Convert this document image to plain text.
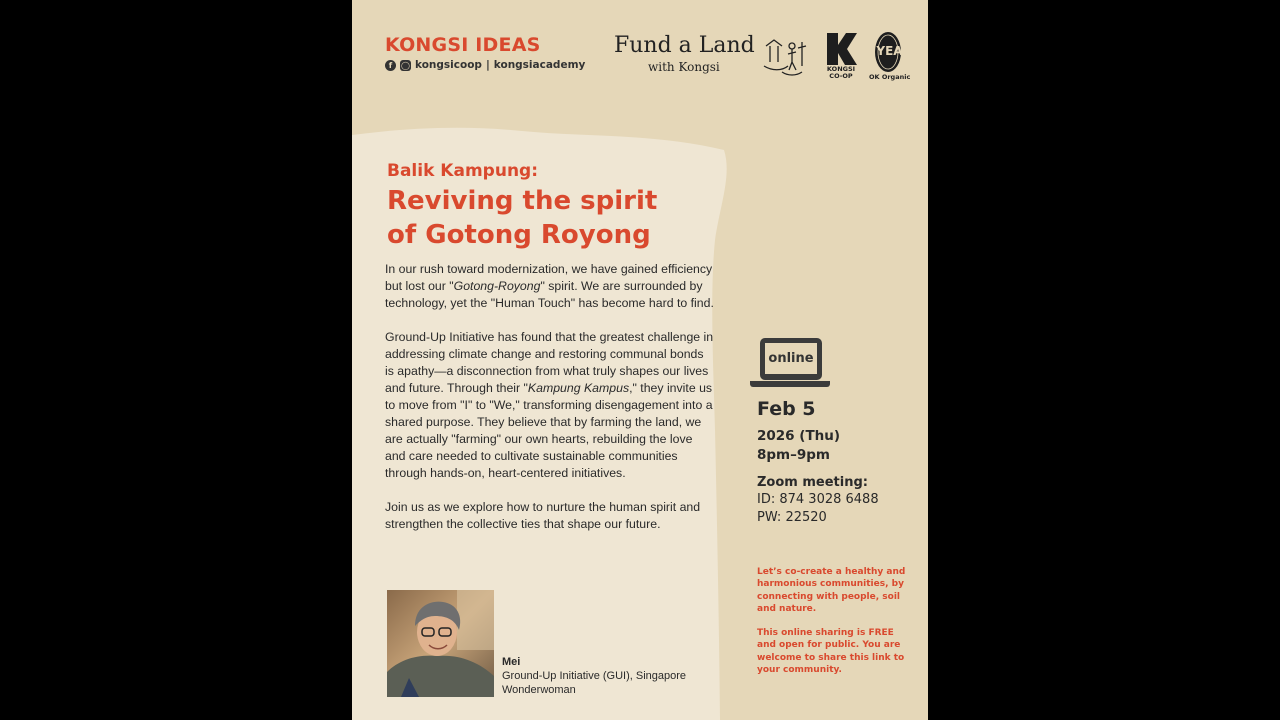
KONGSI IDEAS
f	◯ kongsicoop | kongsiacademy
Fund a Land
with Kongsi	KONGSI CO-OP
30 YEARS
OK Organic
Balik Kampung:
Reviving the spirit
of Gotong Royong

In our rush toward modernization, we have gained efficiency but lost our "Gotong-Royong" spirit. We are surrounded by technology, yet the "Human Touch" has become hard to find.

Ground-Up Initiative has found that the greatest challenge in addressing climate change and restoring communal bonds is apathy—a disconnection from what truly shapes our lives and future. Through their "Kampung Kampus," they invite us to move from "I" to "We," transforming disengagement into a shared purpose. They believe that by farming the land, we are actually "farming" our own hearts, rebuilding the love and care needed to cultivate sustainable communities through hands-on, heart-centered initiatives.

Join us as we explore how to nurture the human spirit and strengthen the collective ties that shape our future.

Mei
Ground-Up Initiative (GUI), Singapore
Wonderwoman
online
Feb 5
2026 (Thu)
8pm–9pm
Zoom meeting:
ID: 874 3028 6488
PW: 22520
Let’s co-create a healthy and harmonious communities, by connecting with people, soil and nature.
This online sharing is FREE and open for public. You are welcome to share this link to your community.
